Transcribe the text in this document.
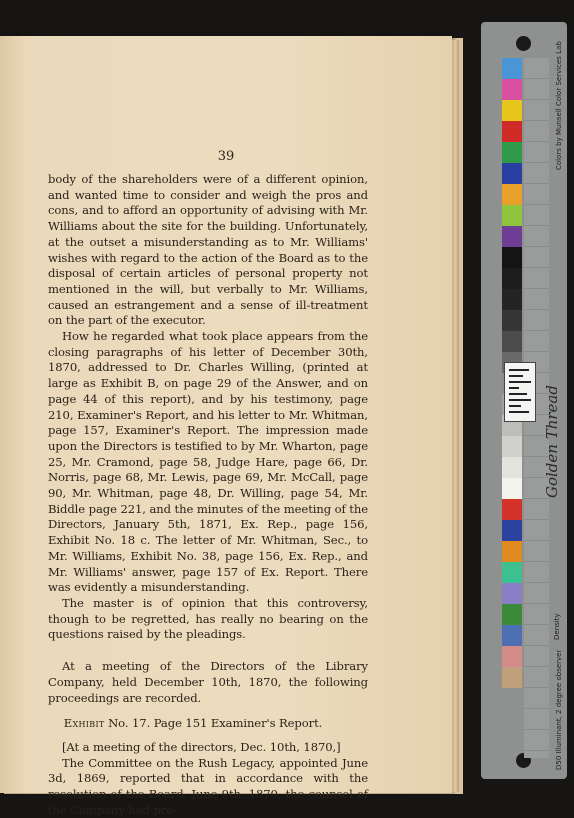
39

body of the shareholders were of a different opinion, and wanted time to consider and weigh the pros and cons, and to afford an opportunity of advising with Mr. Williams about the site for the building. Unfortunately, at the outset a misunderstanding as to Mr. Williams' wishes with regard to the action of the Board as to the disposal of certain articles of personal property not mentioned in the will, but verbally to Mr. Williams, caused an estrangement and a sense of ill-treatment on the part of the executor.

How he regarded what took place appears from the closing paragraphs of his letter of December 30th, 1870, addressed to Dr. Charles Willing, (printed at large as Exhibit B, on page 29 of the Answer, and on page 44 of this report), and by his testimony, page 210, Examiner's Report, and his letter to Mr. Whitman, page 157, Examiner's Report. The impression made upon the Directors is testified to by Mr. Wharton, page 25, Mr. Cramond, page 58, Judge Hare, page 66, Dr. Norris, page 68, Mr. Lewis, page 69, Mr. McCall, page 90, Mr. Whitman, page 48, Dr. Willing, page 54, Mr. Biddle page 221, and the minutes of the meeting of the Directors, January 5th, 1871, Ex. Rep., page 156, Exhibit No. 18 c. The letter of Mr. Whitman, Sec., to Mr. Williams, Exhibit No. 38, page 156, Ex. Rep., and Mr. Williams' answer, page 157 of Ex. Report. There was evidently a misunderstanding.

The master is of opinion that this controversy, though to be regretted, has really no bearing on the questions raised by the pleadings.

At a meeting of the Directors of the Library Company, held December 10th, 1870, the following proceedings are recorded.

Exhibit No. 17. Page 151 Examiner's Report.

[At a meeting of the directors, Dec. 10th, 1870,]

The Committee on the Rush Legacy, appointed June 3d, 1869, reported that in accordance with the resolution of the Board, June 9th, 1870, the counsel of the Company had pre-

Colors by Munsell Color Services Lab
Golden Thread
Density
D50 Illuminant, 2 degree observer
